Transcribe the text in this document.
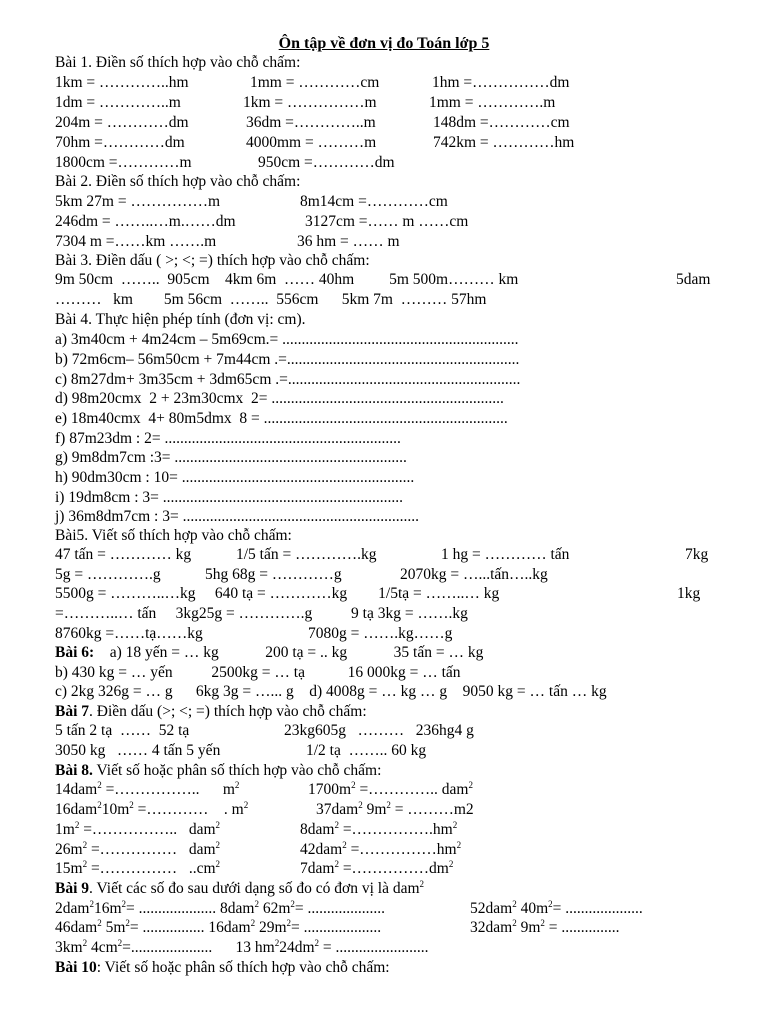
Ôn tập về đơn vị đo Toán lớp 5
Bài 1. Điền số thích hợp vào chỗ chấm:
1km = …………..hm	1mm = …………cm	1hm =……………dm
1dm = …………..m	1km = ……………m	1mm = ………….m
204m = …………dm	36dm =…………..m	148dm =…………cm
70hm =…………dm	4000mm = ………m	742km = …………hm
1800cm =…………m	950cm =…………dm
Bài 2. Điền số thích hợp vào chỗ chấm:
5km 27m = ……………m	8m14cm =…………cm
246dm = ……..…m.……dm	3127cm =…… m ……cm
7304 m =……km …….m	36 hm = …… m
Bài 3. Điền dấu ( >; <; =) thích hợp vào chỗ chấm:
9m 50cm  ……..  905cm    4km 6m  …… 40hm         5m 500m……… km	5dam
………   km        5m 56cm  ……..  556cm      5km 7m  ……… 57hm
Bài 4. Thực hiện phép tính (đơn vị: cm).
a) 3m40cm + 4m24cm – 5m69cm.= .............................................................
b) 72m6cm– 56m50cm + 7m44cm .=............................................................
c) 8m27dm+ 3m35cm + 3dm65cm .=............................................................
d) 98m20cmx  2 + 23m30cmx  2= ............................................................
e) 18m40cmx  4+ 80m5dmx  8 = ...............................................................
f) 87m23dm : 2= .............................................................
g) 9m8dm7cm :3= ............................................................
h) 90dm30cm : 10= ............................................................
i) 19dm8cm : 3= ..............................................................
j) 36m8dm7cm : 3= .............................................................
Bài5. Viết số thích hợp vào chỗ chấm:
47 tấn = ………… kg	1/5 tấn = ………….kg	1 hg = ………… tấn	7kg
5g = ………….g	5hg 68g = …………g	2070kg = …...tấn…..kg
5500g = ………..…kg     640 tạ = …………kg        1/5tạ = ……..… kg	1kg
=………..… tấn     3kg25g = ………….g          9 tạ 3kg = …….kg
8760kg =……tạ……kg	7080g = …….kg……g
Bài 6:    a) 18 yến = … kg            200 tạ = .. kg            35 tấn = … kg
b) 430 kg = … yến          2500kg = … tạ           16 000kg = … tấn
c) 2kg 326g = … g      6kg 3g = …... g    d) 4008g = … kg … g    9050 kg = … tấn … kg
Bài 7. Điền dấu (>; <; =) thích hợp vào chỗ chấm:
5 tấn 2 tạ  ……  52 tạ	23kg605g   ………   236hg4 g
3050 kg   …… 4 tấn 5 yến	1/2 tạ  …….. 60 kg
Bài 8. Viết số hoặc phân số thích hợp vào chỗ chấm:
14dam$^2$ =……………..      $m^2$	$1700m^2$ =………….. dam$^2$
$16dam^210m^2$ =…………    . $m^2$	37dam$^2$ $9m^2$ = ………m2
$1m^2$ =……………..   dam$^2$	$8dam^2 =\dots\dots\dots\dots\dots.hm^2$
$26m^2$ =……………   dam$^2$	$42dam^2 =\dots\dots\dots\dots\dots hm^2$
$15m^2$ =……………   $..cm^2$	$7dam^2 =\dots\dots\dots\dots\dots dm^2$
Bài 9. Viết các số đo sau dưới dạng số đo có đơn vị là dam$^2$
$2dam^216m^2=$ .................... 8dam$^2$ $62m^2=$ ....................	52dam$^2$ $40m^2=$ ....................
46dam$^2$ $5m^2=$ ................ 16dam$^2$ $29m^2=$ ....................	32dam$^2$ $9m^2$ = ...............
$3km^2$ $4cm^2=$.....................      13 $hm^224dm^2$ = ........................
Bài 10: Viết số hoặc phân số thích hợp vào chỗ chấm:
